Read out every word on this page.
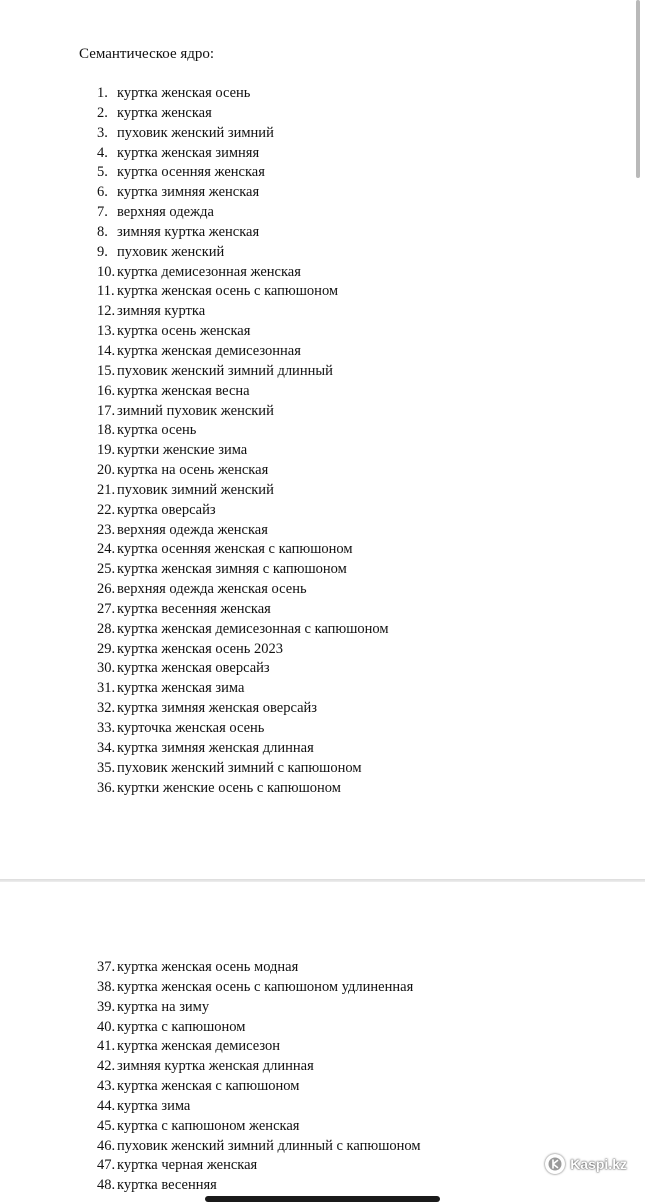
Семантическое ядро:
1. куртка женская осень
2. куртка женская
3. пуховик женский зимний
4. куртка женская зимняя
5. куртка осенняя женская
6. куртка зимняя женская
7. верхняя одежда
8. зимняя куртка женская
9. пуховик женский
10. куртка демисезонная женская
11. куртка женская осень с капюшоном
12. зимняя куртка
13. куртка осень женская
14. куртка женская демисезонная
15. пуховик женский зимний длинный
16. куртка женская весна
17. зимний пуховик женский
18. куртка осень
19. куртки женские зима
20. куртка на осень женская
21. пуховик зимний женский
22. куртка оверсайз
23. верхняя одежда женская
24. куртка осенняя женская с капюшоном
25. куртка женская зимняя с капюшоном
26. верхняя одежда женская осень
27. куртка весенняя женская
28. куртка женская демисезонная с капюшоном
29. куртка женская осень 2023
30. куртка женская оверсайз
31. куртка женская зима
32. куртка зимняя женская оверсайз
33. курточка женская осень
34. куртка зимняя женская длинная
35. пуховик женский зимний с капюшоном
36. куртки женские осень с капюшоном
37. куртка женская осень модная
38. куртка женская осень с капюшоном удлиненная
39. куртка на зиму
40. куртка с капюшоном
41. куртка женская демисезон
42. зимняя куртка женская длинная
43. куртка женская с капюшоном
44. куртка зима
45. куртка с капюшоном женская
46. пуховик женский зимний длинный с капюшоном
47. куртка черная женская
48. куртка весенняя
Kaspi.kz
